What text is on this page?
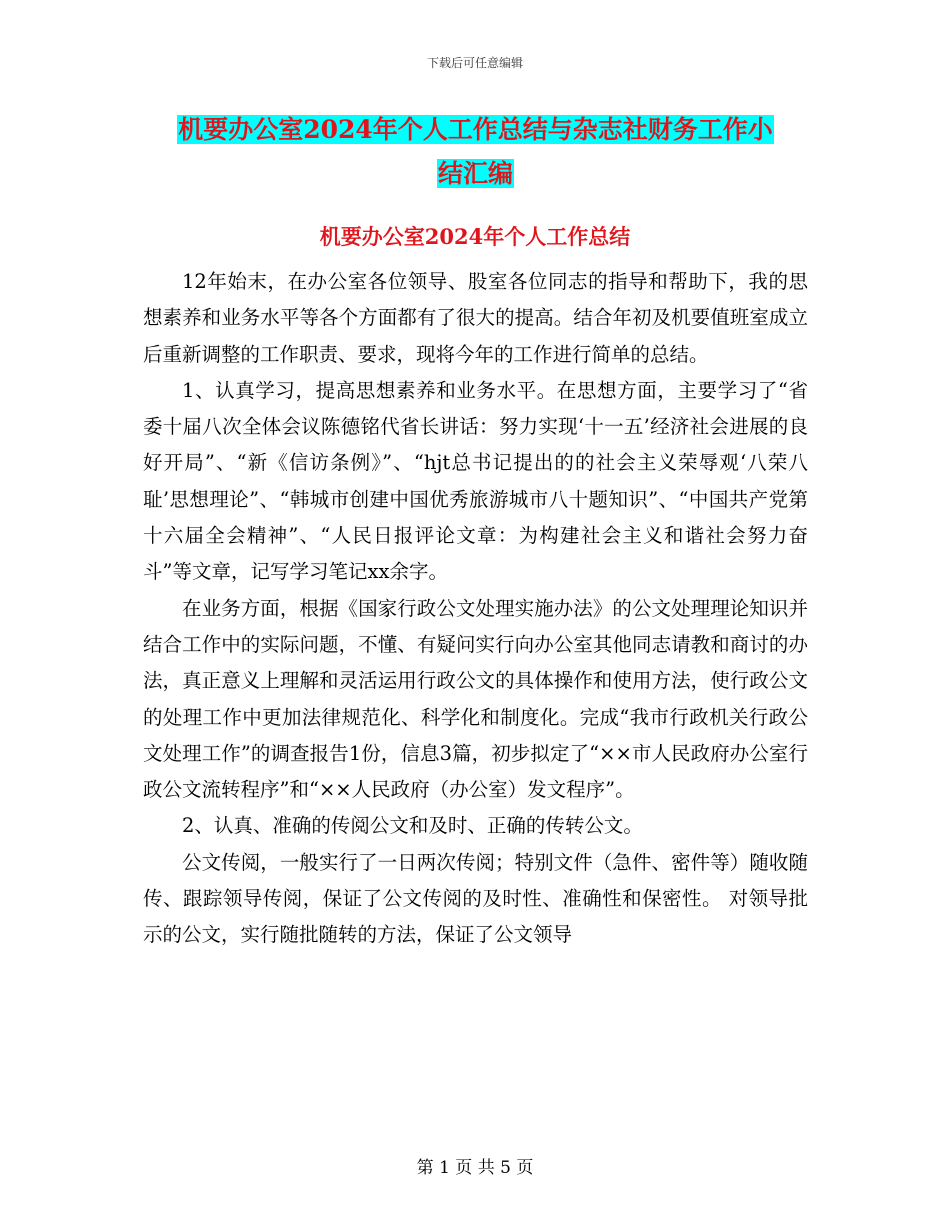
下载后可任意编辑
机要办公室2024年个人工作总结与杂志社财务工作小
结汇编
机要办公室2024年个人工作总结

12年始末，在办公室各位领导、股室各位同志的指导和帮助下，我的思想素养和业务水平等各个方面都有了很大的提高。结合年初及机要值班室成立后重新调整的工作职责、要求，现将今年的工作进行简单的总结。

1、认真学习，提高思想素养和业务水平。在思想方面，主要学习了“省委十届八次全体会议陈德铭代省长讲话：努力实现‘十一五’经济社会进展的良好开局”、“新《信访条例》”、“hjt总书记提出的的社会主义荣辱观‘八荣八耻’思想理论”、“韩城市创建中国优秀旅游城市八十题知识”、“中国共产党第十六届全会精神”、“人民日报评论文章：为构建社会主义和谐社会努力奋斗”等文章，记写学习笔记xx余字。

在业务方面，根据《国家行政公文处理实施办法》的公文处理理论知识并结合工作中的实际问题，不懂、有疑问实行向办公室其他同志请教和商讨的办法，真正意义上理解和灵活运用行政公文的具体操作和使用方法，使行政公文的处理工作中更加法律规范化、科学化和制度化。完成“我市行政机关行政公文处理工作”的调查报告1份，信息3篇，初步拟定了“××市人民政府办公室行政公文流转程序”和“××人民政府（办公室）发文程序”。

2、认真、准确的传阅公文和及时、正确的传转公文。

公文传阅，一般实行了一日两次传阅；特别文件（急件、密件等）随收随传、跟踪领导传阅，保证了公文传阅的及时性、准确性和保密性。 对领导批示的公文，实行随批随转的方法，保证了公文领导

第 1 页 共 5 页
